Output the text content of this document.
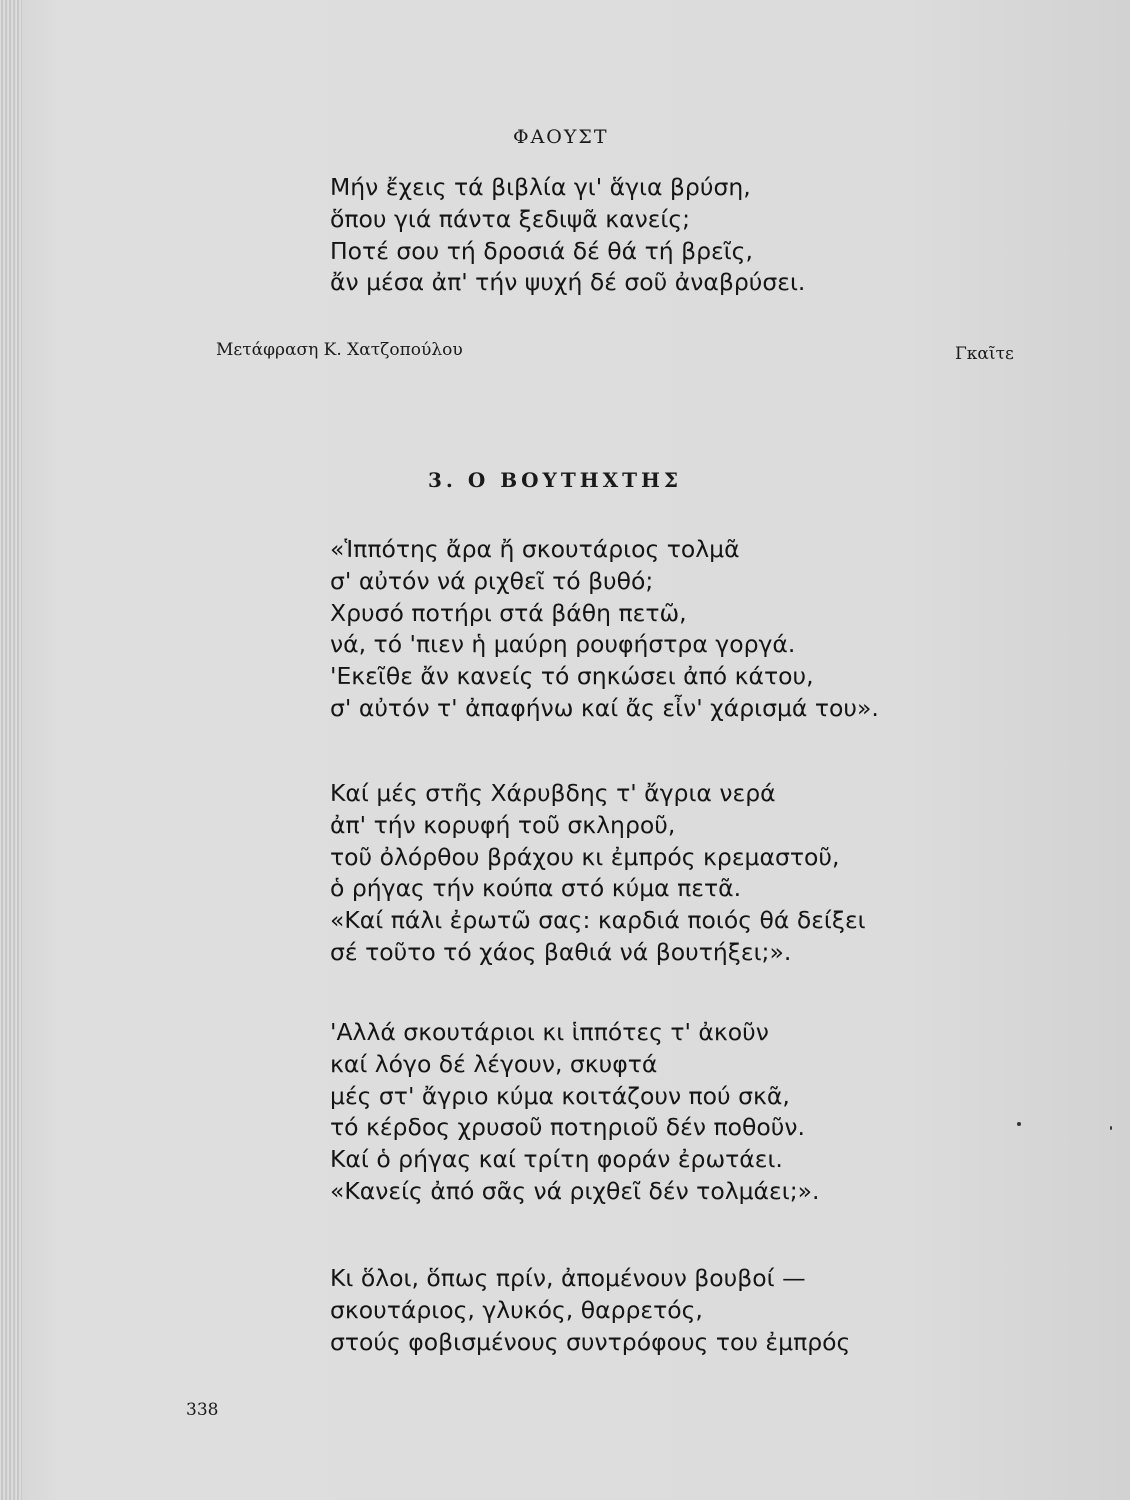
ΦΑΟΥΣΤ
Μήν ἔχεις τά βιβλία γι' ἅγια βρύση,
ὅπου γιά πάντα ξεδιψᾶ κανείς;
Ποτέ σου τή δροσιά δέ θά τή βρεῖς,
ἄν μέσα ἀπ' τήν ψυχή δέ σοῦ ἀναβρύσει.
Μετάφραση Κ. Χατζοπούλου	Γκαῖτε
3. Ο ΒΟΥΤΗΧΤΗΣ
«Ἱππότης ἄρα ἤ σκουτάριος τολμᾶ
σ' αὐτόν νά ριχθεῖ τό βυθό;
Χρυσό ποτήρι στά βάθη πετῶ,
νά, τό 'πιεν ἡ μαύρη ρουφήστρα γοργά.
'Εκεῖθε ἄν κανείς τό σηκώσει ἀπό κάτου,
σ' αὐτόν τ' ἀπαφήνω καί ἄς εἶν' χάρισμά του».
Καί μές στῆς Χάρυβδης τ' ἄγρια νερά
ἀπ' τήν κορυφή τοῦ σκληροῦ,
τοῦ ὀλόρθου βράχου κι ἐμπρός κρεμαστοῦ,
ὁ ρήγας τήν κούπα στό κύμα πετᾶ.
«Καί πάλι ἐρωτῶ σας: καρδιά ποιός θά δείξει
σέ τοῦτο τό χάος βαθιά νά βουτήξει;».
'Αλλά σκουτάριοι κι ἱππότες τ' ἀκοῦν
καί λόγο δέ λέγουν, σκυφτά
μές στ' ἄγριο κύμα κοιτάζουν πού σκᾶ,
τό κέρδος χρυσοῦ ποτηριοῦ δέν ποθοῦν.
Καί ὁ ρήγας καί τρίτη φοράν ἐρωτάει.
«Κανείς ἀπό σᾶς νά ριχθεῖ δέν τολμάει;».
Κι ὅλοι, ὅπως πρίν, ἀπομένουν βουβοί —
σκουτάριος, γλυκός, θαρρετός,
στούς φοβισμένους συντρόφους του ἐμπρός
338
